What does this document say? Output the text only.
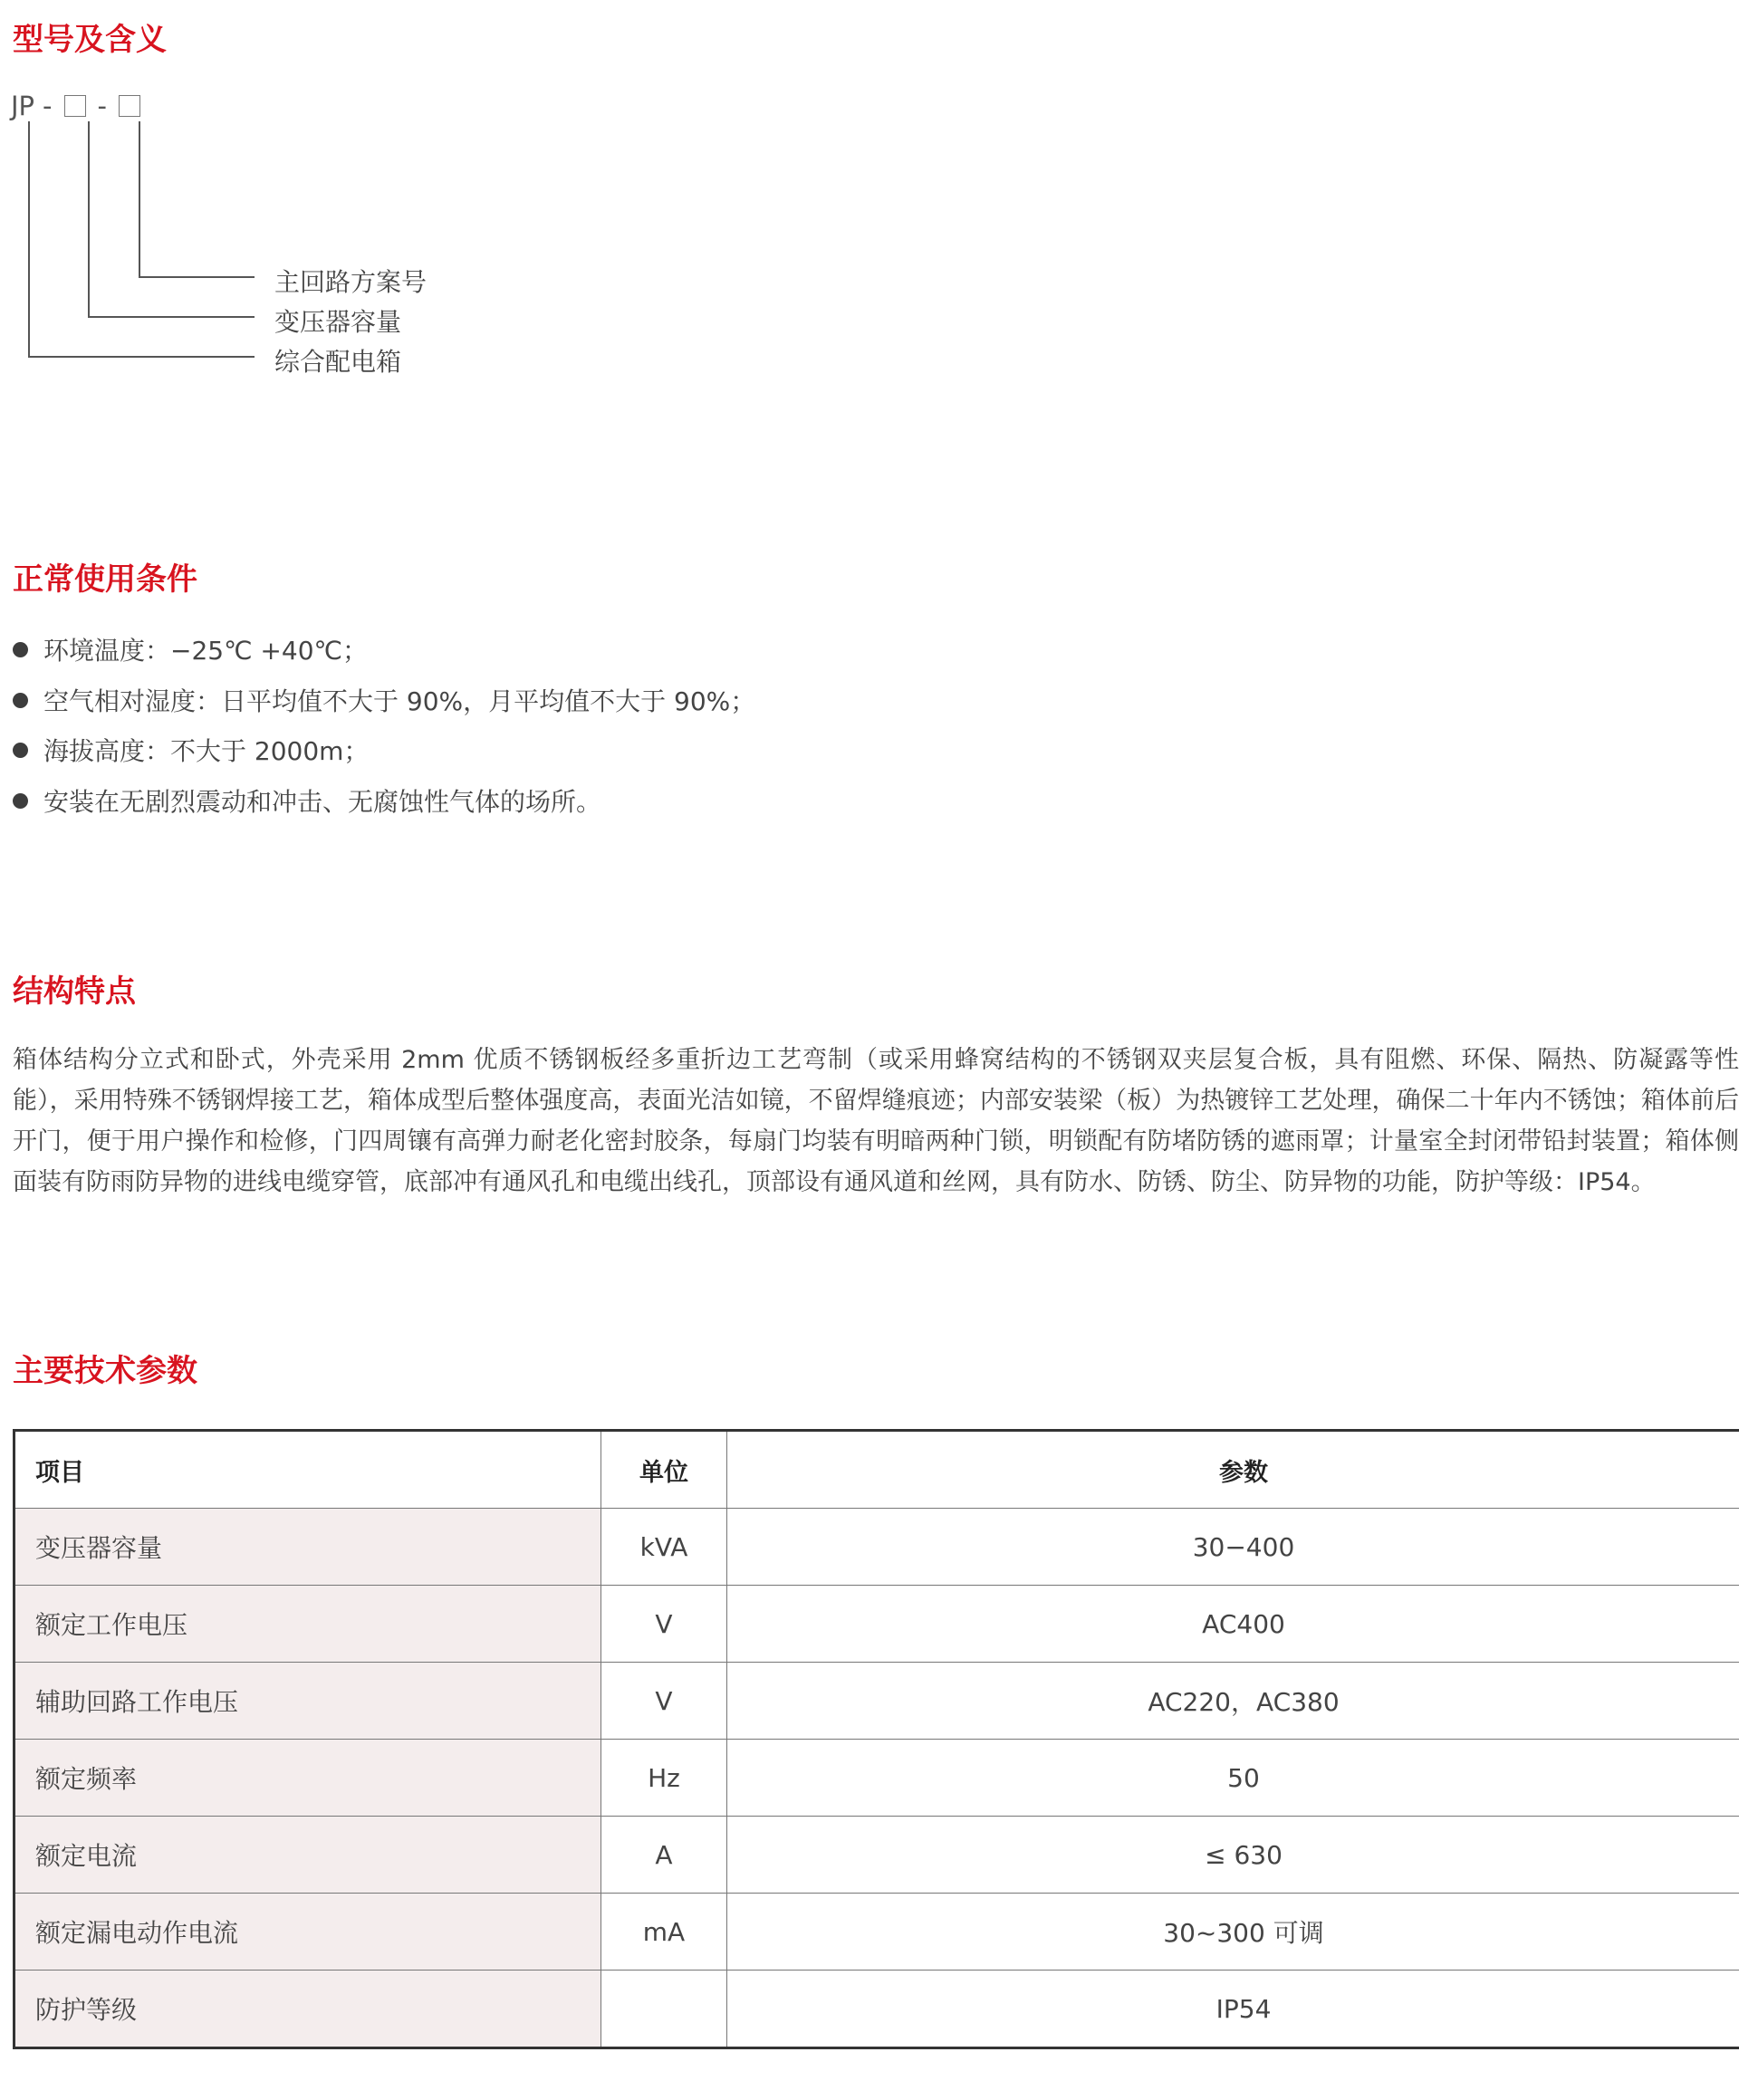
型号及含义
JP - -
主回路方案号
变压器容量
综合配电箱
正常使用条件
环境温度：−25℃ +40℃；
空气相对湿度：日平均值不大于 90%，月平均值不大于 90%；
海拔高度：不大于 2000m；
安装在无剧烈震动和冲击、无腐蚀性气体的场所。
结构特点

箱体结构分立式和卧式，外壳采用 2mm 优质不锈钢板经多重折边工艺弯制（或采用蜂窝结构的不锈钢双夹层复合板，具有阻燃、环保、隔热、防凝露等性能），采用特殊不锈钢焊接工艺，箱体成型后整体强度高，表面光洁如镜，不留焊缝痕迹；内部安装梁（板）为热镀锌工艺处理，确保二十年内不锈蚀；箱体前后开门，便于用户操作和检修，门四周镶有高弹力耐老化密封胶条，每扇门均装有明暗两种门锁，明锁配有防堵防锈的遮雨罩；计量室全封闭带铅封装置；箱体侧面装有防雨防异物的进线电缆穿管，底部冲有通风孔和电缆出线孔，顶部设有通风道和丝网，具有防水、防锈、防尘、防异物的功能，防护等级：IP54。

主要技术参数
项目	单位	参数
变压器容量	kVA	30−400
额定工作电压	V	AC400
辅助回路工作电压	V	AC220，AC380
额定频率	Hz	50
额定电流	A	≤ 630
额定漏电动作电流	mA	30~300 可调
防护等级		IP54
